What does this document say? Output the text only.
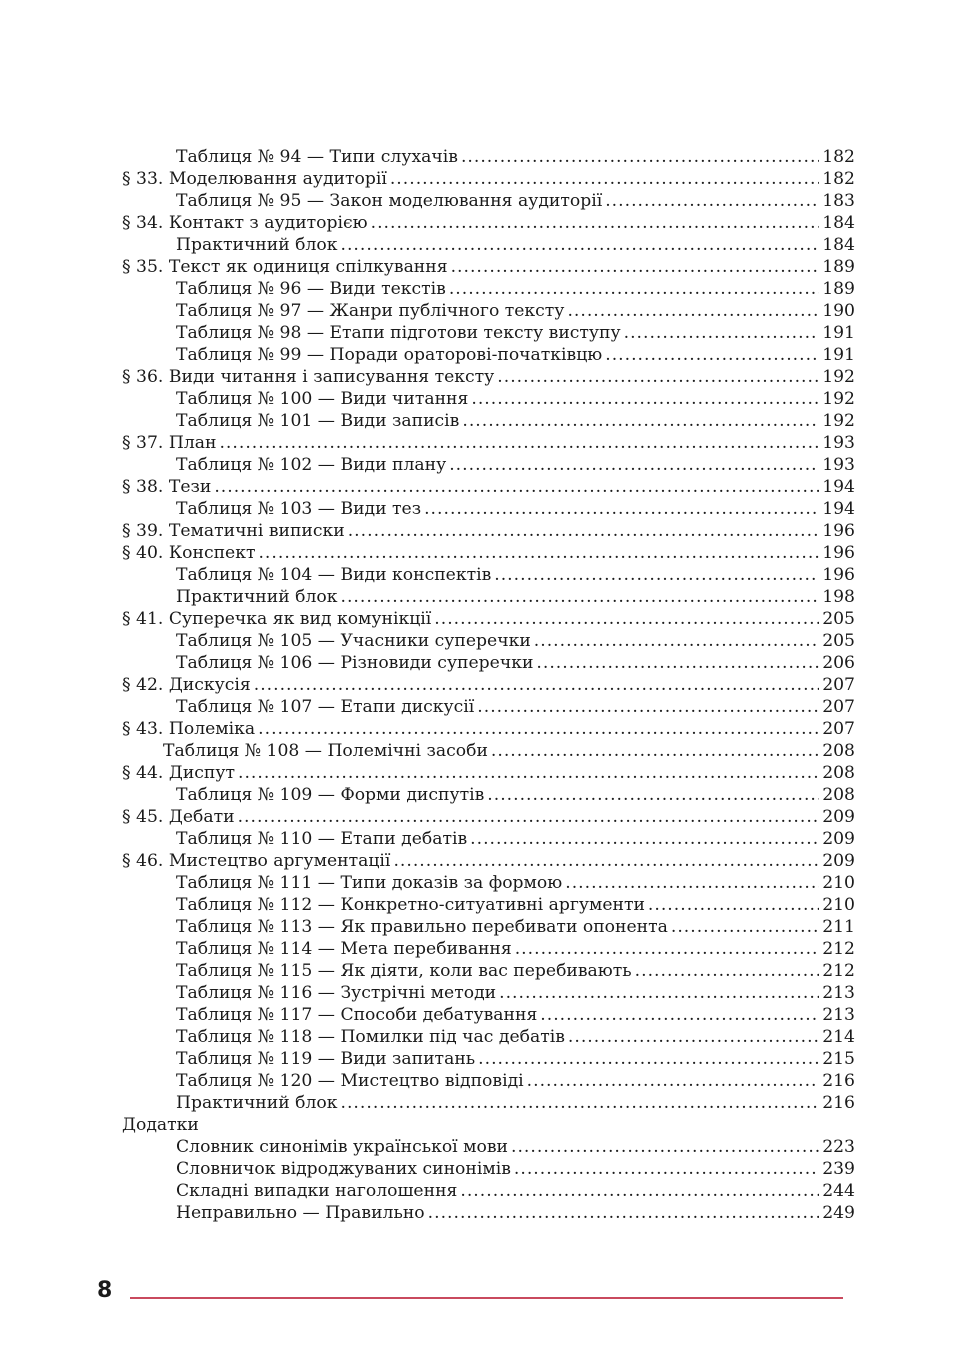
Таблиця № 94 — Типи слухачів .....	182
§ 33. Моделювання аудиторії .....	182
Таблиця № 95 — Закон моделювання аудиторії .....	183
§ 34. Контакт з аудиторією .....	184
Практичний блок .....	184
§ 35. Текст як одиниця спілкування .....	189
Таблиця № 96 — Види текстів .....	189
Таблиця № 97 — Жанри публічного тексту .....	190
Таблиця № 98 — Етапи підготови тексту виступу .....	191
Таблиця № 99 — Поради ораторові-початківцю .....	191
§ 36. Види читання і записування тексту .....	192
Таблиця № 100 — Види читання .....	192
Таблиця № 101 — Види записів .....	192
§ 37. План .....	193
Таблиця № 102 — Види плану .....	193
§ 38. Тези .....	194
Таблиця № 103 — Види тез .....	194
§ 39. Тематичні виписки .....	196
§ 40. Конспект .....	196
Таблиця № 104 — Види конспектів .....	196
Практичний блок .....	198
§ 41. Суперечка як вид комунікції .....	205
Таблиця № 105 — Учасники суперечки .....	205
Таблиця № 106 — Різновиди суперечки .....	206
§ 42. Дискусія .....	207
Таблиця № 107 — Етапи дискусії .....	207
§ 43. Полеміка .....	207
Таблиця № 108 — Полемічні засоби .....	208
§ 44. Диспут .....	208
Таблиця № 109 — Форми диспутів .....	208
§ 45. Дебати .....	209
Таблиця № 110 — Етапи дебатів .....	209
§ 46. Мистецтво аргументації .....	209
Таблиця № 111 — Типи доказів за формою .....	210
Таблиця № 112 — Конкретно-ситуативні аргументи .....	210
Таблиця № 113 — Як правильно перебивати опонента .....	211
Таблиця № 114 — Мета перебивання .....	212
Таблиця № 115 — Як діяти, коли вас перебивають .....	212
Таблиця № 116 — Зустрічні методи .....	213
Таблиця № 117 — Способи дебатування .....	213
Таблиця № 118 — Помилки під час дебатів .....	214
Таблиця № 119 — Види запитань .....	215
Таблиця № 120 — Мистецтво відповіді .....	216
Практичний блок .....	216
Додатки
Словник синонімів української мови .....	223
Словничок відроджуваних синонімів .....	239
Складні випадки наголошення .....	244
Неправильно — Правильно .....	249
8
